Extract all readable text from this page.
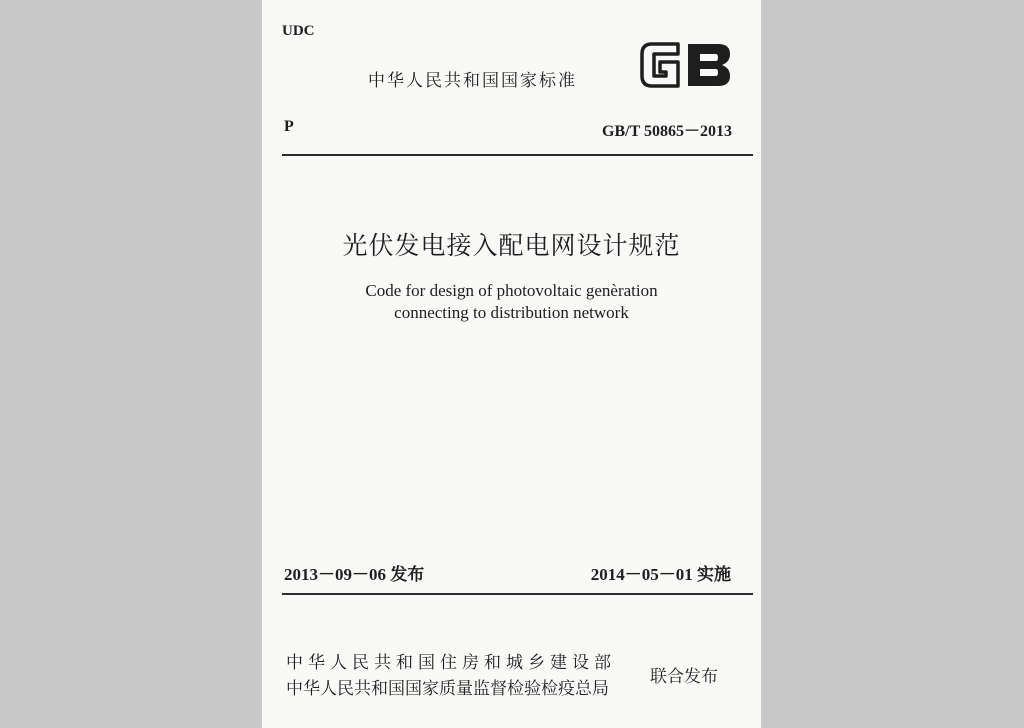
UDC
中华人民共和国国家标准
P	GB/T 50865－2013
光伏发电接入配电网设计规范
Code for design of photovoltaic genèration
connecting to distribution network
2013－09－06 发布	2014－05－01 实施
中华人民共和国住房和城乡建设部
中华人民共和国国家质量监督检验检疫总局
联合发布
